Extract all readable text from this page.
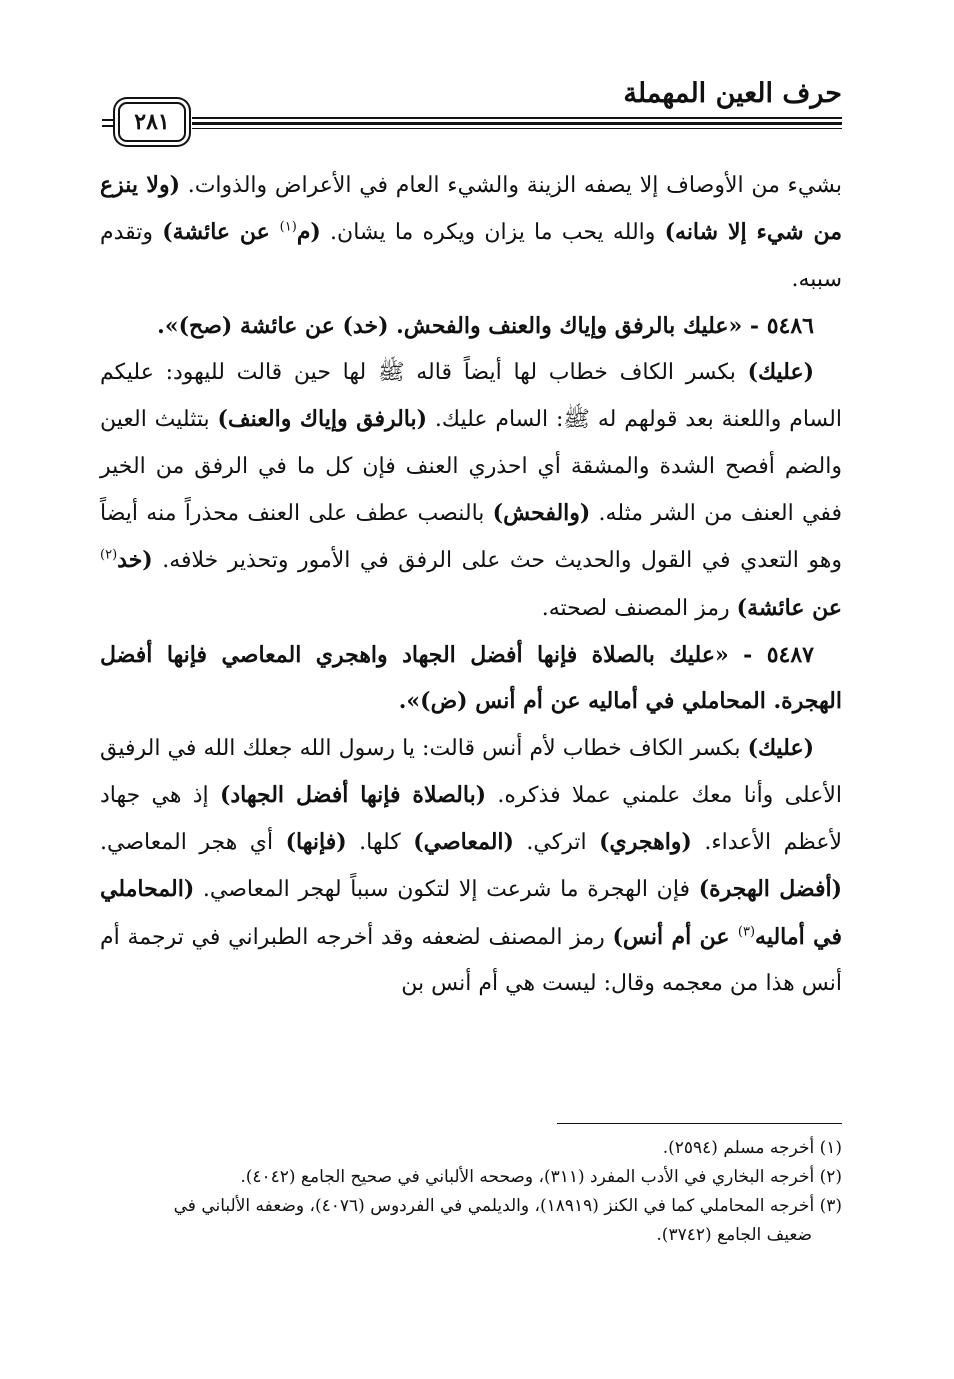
حرف العين المهملة
٢٨١

بشيء من الأوصاف إلا يصفه الزينة والشيء العام في الأعراض والذوات. (ولا ينزع من شيء إلا شانه) والله يحب ما يزان ويكره ما يشان. (م$^{(١)}$ عن عائشة) وتقدم سببه.

٥٤٨٦ - «عليك بالرفق وإياك والعنف والفحش. (خد) عن عائشة (صح)».

(عليك) بكسر الكاف خطاب لها أيضاً قاله ﷺ لها حين قالت لليهود: عليكم السام واللعنة بعد قولهم له ﷺ: السام عليك. (بالرفق وإياك والعنف) بتثليث العين والضم أفصح الشدة والمشقة أي احذري العنف فإن كل ما في الرفق من الخير ففي العنف من الشر مثله. (والفحش) بالنصب عطف على العنف محذراً منه أيضاً وهو التعدي في القول والحديث حث على الرفق في الأمور وتحذير خلافه. (خد$^{(٢)}$ عن عائشة) رمز المصنف لصحته.

٥٤٨٧ - «عليك بالصلاة فإنها أفضل الجهاد واهجري المعاصي فإنها أفضل الهجرة. المحاملي في أماليه عن أم أنس (ض)».

(عليك) بكسر الكاف خطاب لأم أنس قالت: يا رسول الله جعلك الله في الرفيق الأعلى وأنا معك علمني عملا فذكره. (بالصلاة فإنها أفضل الجهاد) إذ هي جهاد لأعظم الأعداء. (واهجري) اتركي. (المعاصي) كلها. (فإنها) أي هجر المعاصي. (أفضل الهجرة) فإن الهجرة ما شرعت إلا لتكون سبباً لهجر المعاصي. (المحاملي في أماليه$^{(٣)}$ عن أم أنس) رمز المصنف لضعفه وقد أخرجه الطبراني في ترجمة أم أنس هذا من معجمه وقال: ليست هي أم أنس بن

(١) أخرجه مسلم (٢٥٩٤).

(٢) أخرجه البخاري في الأدب المفرد (٣١١)، وصححه الألباني في صحيح الجامع (٤٠٤٢).

(٣) أخرجه المحاملي كما في الكنز (١٨٩١٩)، والديلمي في الفردوس (٤٠٧٦)، وضعفه الألباني في

ضعيف الجامع (٣٧٤٢).
